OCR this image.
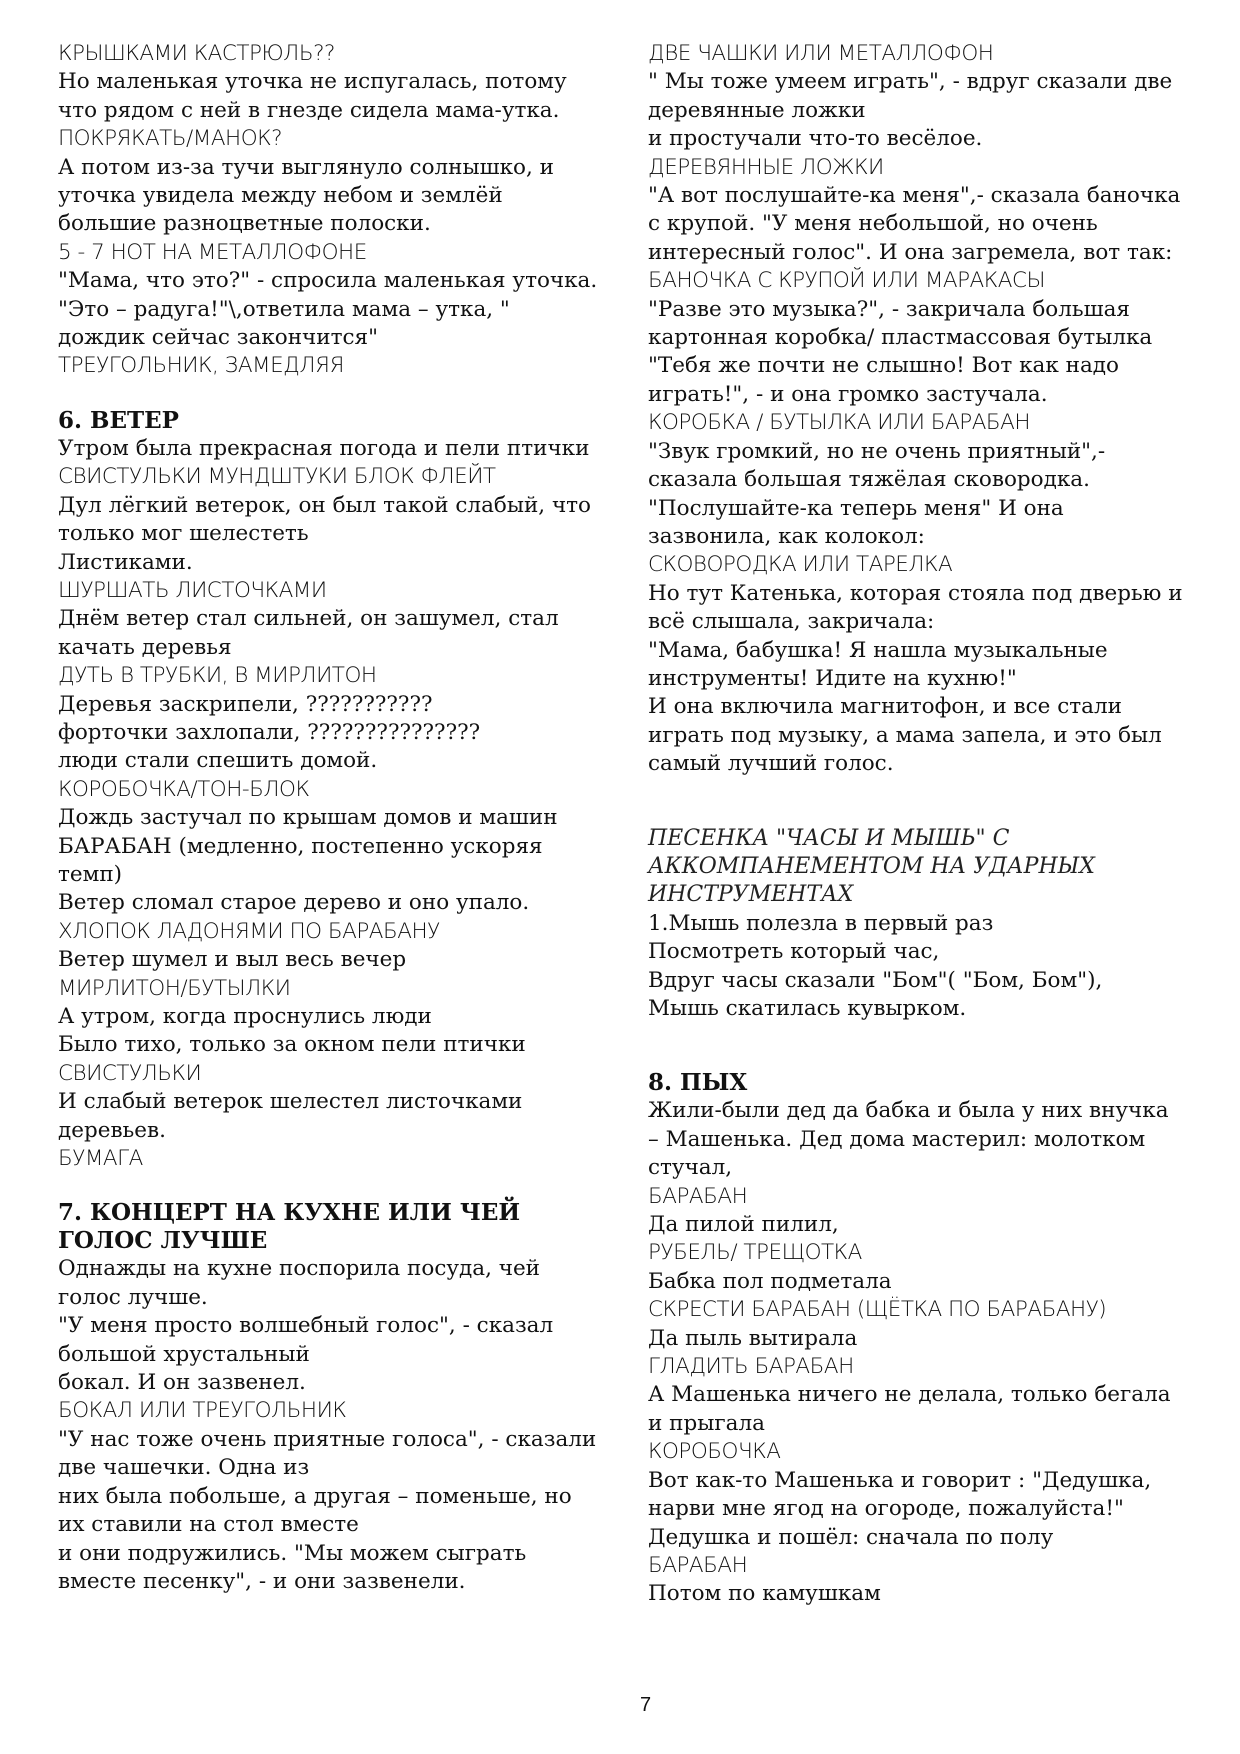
КРЫШКАМИ КАСТРЮЛЬ??
Но маленькая уточка не испугалась, потому
что рядом с ней в гнезде сидела мама-утка.
ПОКРЯКАТЬ/МАНОК?
А потом из-за тучи выглянуло солнышко, и
уточка увидела между небом и землёй
большие разноцветные полоски.
5 - 7 НОТ НА МЕТАЛЛОФОНЕ
"Мама, что это?" - спросила маленькая уточка.
"Это – радуга!"\,ответила мама – утка, "
дождик сейчас закончится"
ТРЕУГОЛЬНИК, ЗАМЕДЛЯЯ
6. ВЕТЕР
Утром была прекрасная погода и пели птички
СВИСТУЛЬКИ МУНДШТУКИ БЛОК ФЛЕЙТ
Дул лёгкий ветерок, он был такой слабый, что
только мог шелестеть
Листиками.
ШУРШАТЬ ЛИСТОЧКАМИ
Днём ветер стал сильней, он зашумел, стал
качать деревья
ДУТЬ В ТРУБКИ, В МИРЛИТОН
Деревья заскрипели, ???????????
форточки захлопали, ???????????????
люди стали спешить домой.
КОРОБОЧКА/ТОН-БЛОК
Дождь застучал по крышам домов и машин
БАРАБАН (медленно, постепенно ускоряя
темп)
Ветер сломал старое дерево и оно упало.
ХЛОПОК ЛАДОНЯМИ ПО БАРАБАНУ
Ветер шумел и выл весь вечер
МИРЛИТОН/БУТЫЛКИ
А утром, когда проснулись люди
Было тихо, только за окном пели птички
СВИСТУЛЬКИ
И слабый ветерок шелестел листочками
деревьев.
БУМАГА
7. КОНЦЕРТ НА КУХНЕ ИЛИ ЧЕЙ
ГОЛОС ЛУЧШЕ
Однажды на кухне поспорила посуда, чей
голос лучше.
"У меня просто волшебный голос", - сказал
большой хрустальный
бокал. И он зазвенел.
БОКАЛ ИЛИ ТРЕУГОЛЬНИК
"У нас тоже очень приятные голоса", - сказали
две чашечки. Одна из
них была побольше, а другая – поменьше, но
их ставили на стол вместе
и они подружились. "Мы можем сыграть
вместе песенку", - и они зазвенели.
ДВЕ ЧАШКИ ИЛИ МЕТАЛЛОФОН
" Мы тоже умеем играть", - вдруг сказали две
деревянные ложки
и простучали что-то весёлое.
ДЕРЕВЯННЫЕ ЛОЖКИ
"А вот послушайте-ка меня",- сказала баночка
с крупой. "У меня небольшой, но очень
интересный голос". И она загремела, вот так:
БАНОЧКА С КРУПОЙ ИЛИ МАРАКАСЫ
"Разве это музыка?", - закричала большая
картонная коробка/ пластмассовая бутылка
"Тебя же почти не слышно! Вот как надо
играть!", - и она громко застучала.
КОРОБКА / БУТЫЛКА ИЛИ БАРАБАН
"Звук громкий, но не очень приятный",-
сказала большая тяжёлая сковородка.
"Послушайте-ка теперь меня" И она
зазвонила, как колокол:
СКОВОРОДКА ИЛИ ТАРЕЛКА
Но тут Катенька, которая стояла под дверью и
всё слышала, закричала:
"Мама, бабушка! Я нашла музыкальные
инструменты! Идите на кухню!"
И она включила магнитофон, и все стали
играть под музыку, а мама запела, и это был
самый лучший голос.
ПЕСЕНКА "ЧАСЫ И МЫШЬ" С
АККОМПАНЕМЕНТОМ НА УДАРНЫХ
ИНСТРУМЕНТАХ
1.Мышь полезла в первый раз
Посмотреть который час,
Вдруг часы сказали "Бом"( "Бом, Бом"),
Мышь скатилась кувырком.
8. ПЫХ
Жили-были дед да бабка и была у них внучка
– Машенька. Дед дома мастерил: молотком
стучал,
БАРАБАН
Да пилой пилил,
РУБЕЛЬ/ ТРЕЩОТКА
Бабка пол подметала
СКРЕСТИ БАРАБАН (ЩЁТКА ПО БАРАБАНУ)
Да пыль вытирала
ГЛАДИТЬ БАРАБАН
А Машенька ничего не делала, только бегала
и прыгала
КОРОБОЧКА
Вот как-то Машенька и говорит : "Дедушка,
нарви мне ягод на огороде, пожалуйста!"
Дедушка и пошёл: сначала по полу
БАРАБАН
Потом по камушкам
7
